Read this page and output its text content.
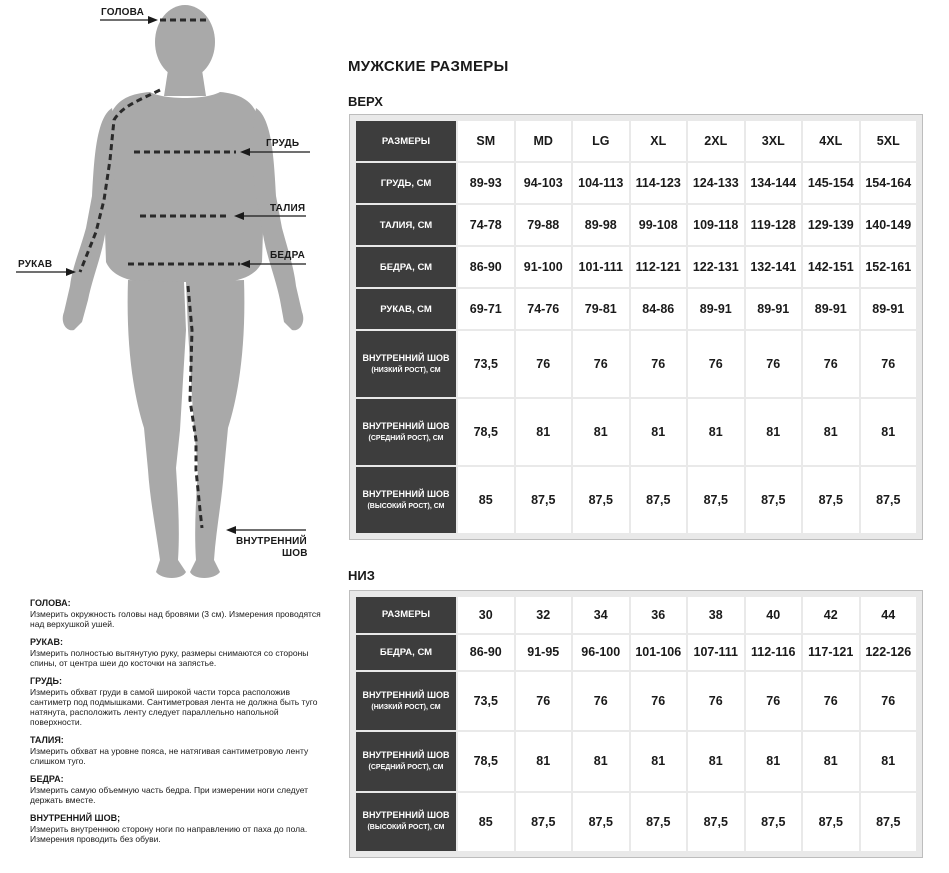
ГОЛОВА
ГРУДЬ
ТАЛИЯ
БЕДРА
РУКАВ
ВНУТРЕННИЙ
ШОВ
ГОЛОВА:
Измерить окружность головы над бровями (3 см). Измерения проводятся над верхушкой ушей.
РУКАВ:
Измерить полностью вытянутую руку, размеры снимаются со стороны спины, от центра шеи до косточки на запястье.
ГРУДЬ:
Измерить обхват груди в самой широкой части торса расположив сантиметр под подмышками. Сантиметровая лента не должна быть туго натянута, расположить ленту следует параллельно напольной поверхности.
ТАЛИЯ:
Измерить обхват на уровне пояса, не натягивая сантиметровую ленту слишком туго.
БЕДРА:
Измерить самую объемную часть бедра. При измерении ноги следует держать вместе.
ВНУТРЕННИЙ ШОВ;
Измерить внутреннюю сторону ноги по направлению от паха до пола. Измерения проводить без обуви.
МУЖСКИЕ РАЗМЕРЫ
ВЕРХ
НИЗ
РАЗМЕРЫ	SM	MD	LG	XL	2XL	3XL	4XL	5XL
ГРУДЬ, СМ	89-93	94-103	104-113	114-123	124-133	134-144	145-154	154-164
ТАЛИЯ, СМ	74-78	79-88	89-98	99-108	109-118	119-128	129-139	140-149
БЕДРА, СМ	86-90	91-100	101-111	112-121	122-131	132-141	142-151	152-161
РУКАВ, СМ	69-71	74-76	79-81	84-86	89-91	89-91	89-91	89-91

ВНУТРЕННИЙ ШОВ
(НИЗКИЙ РОСТ), СМ	73,5	76	76	76	76	76	76	76

ВНУТРЕННИЙ ШОВ
(СРЕДНИЙ РОСТ), СМ	78,5	81	81	81	81	81	81	81

ВНУТРЕННИЙ ШОВ
(ВЫСОКИЙ РОСТ), СМ	85	87,5	87,5	87,5	87,5	87,5	87,5	87,5
РАЗМЕРЫ	30	32	34	36	38	40	42	44
БЕДРА, СМ	86-90	91-95	96-100	101-106	107-111	112-116	117-121	122-126

ВНУТРЕННИЙ ШОВ
(НИЗКИЙ РОСТ), СМ	73,5	76	76	76	76	76	76	76

ВНУТРЕННИЙ ШОВ
(СРЕДНИЙ РОСТ), СМ	78,5	81	81	81	81	81	81	81

ВНУТРЕННИЙ ШОВ
(ВЫСОКИЙ РОСТ), СМ	85	87,5	87,5	87,5	87,5	87,5	87,5	87,5
